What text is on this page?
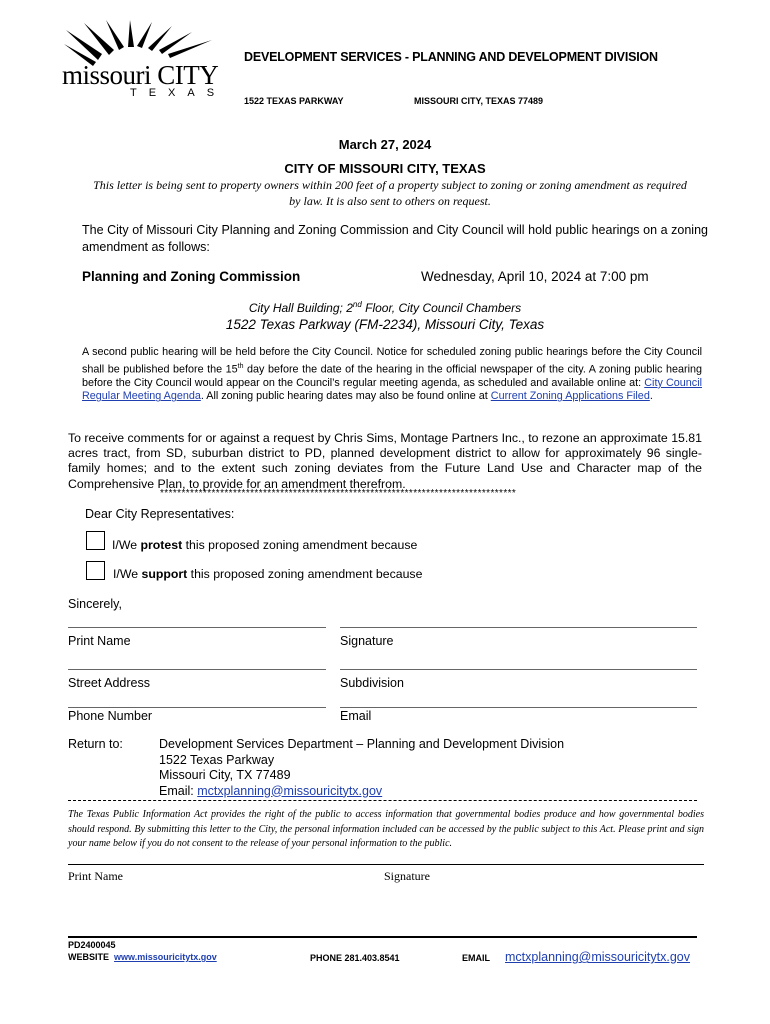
missouri CITY
TEXAS
DEVELOPMENT SERVICES - PLANNING AND DEVELOPMENT DIVISION
1522 TEXAS PARKWAY	MISSOURI CITY, TEXAS 77489
March 27, 2024
CITY OF MISSOURI CITY, TEXAS
This letter is being sent to property owners within 200 feet of a property subject to zoning or zoning amendment as required by law. It is also sent to others on request.
The City of Missouri City Planning and Zoning Commission and City Council will hold public hearings on a zoning amendment as follows:
Planning and Zoning Commission	Wednesday, April 10, 2024 at 7:00 pm
City Hall Building; 2nd Floor, City Council Chambers
1522 Texas Parkway (FM-2234), Missouri City, Texas
A second public hearing will be held before the City Council. Notice for scheduled zoning public hearings before the City Council shall be published before the 15th day before the date of the hearing in the official newspaper of the city. A zoning public hearing before the City Council would appear on the Council’s regular meeting agenda, as scheduled and available online at: City Council Regular Meeting Agenda. All zoning public hearing dates may also be found online at Current Zoning Applications Filed.
To receive comments for or against a request by Chris Sims, Montage Partners Inc., to rezone an approximate 15.81 acres tract, from SD, suburban district to PD, planned development district to allow for approximately 96 single-family homes; and to the extent such zoning deviates from the Future Land Use and Character map of the Comprehensive Plan, to provide for an amendment therefrom.
***********************************************************************************
Dear City Representatives:
I/We protest this proposed zoning amendment because
I/We support this proposed zoning amendment because
Sincerely,
Print Name	Signature
Street Address	Subdivision
Phone Number	Email
Return to:	Development Services Department – Planning and Development Division
1522 Texas Parkway
Missouri City, TX 77489
Email: mctxplanning@missouricitytx.gov
The Texas Public Information Act provides the right of the public to access information that governmental bodies produce and how governmental bodies should respond. By submitting this letter to the City, the personal information included can be accessed by the public subject to this Act. Please print and sign your name below if you do not consent to the release of your personal information to the public.
Print Name	Signature
PD2400045
WEBSITE www.missouricitytx.gov	PHONE 281.403.8541	EMAIL mctxplanning@missouricitytx.gov
